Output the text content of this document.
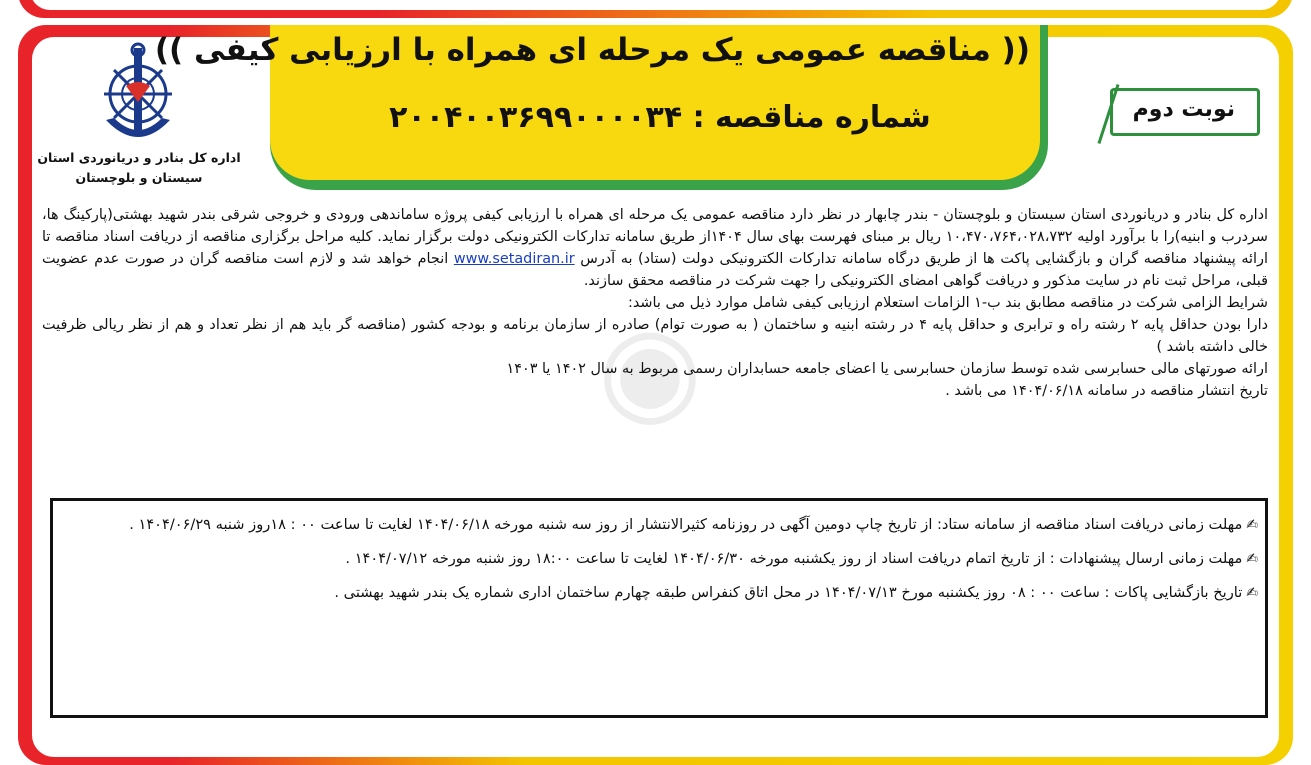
(( مناقصه عمومی یک مرحله ای همراه با ارزیابی کیفی ))
شماره مناقصه : ۲۰۰۴۰۰۳۶۹۹۰۰۰۰۳۴
اداره کل بنادر و دریانوردی استان
سیستان و بلوچستان
نوبت دوم

اداره کل بنادر و دریانوردی استان سیستان و بلوچستان - بندر چابهار در نظر دارد مناقصه عمومی یک مرحله ای همراه با ارزیابی کیفی پروژه ساماندهی ورودی و خروجی شرقی بندر شهید بهشتی(پارکینگ ها، سردرب و ابنیه)را با برآورد اولیه ۱۰،۴۷۰،۷۶۴،۰۲۸،۷۳۲ ریال بر مبنای فهرست بهای سال ۱۴۰۴از طریق سامانه تدارکات الکترونیکی دولت برگزار نماید. کلیه مراحل برگزاری مناقصه از دریافت اسناد مناقصه تا ارائه پیشنهاد مناقصه گران و بازگشایی پاکت ها از طریق درگاه سامانه تدارکات الکترونیکی دولت (ستاد) به آدرس www.setadiran.ir انجام خواهد شد و لازم است مناقصه گران در صورت عدم عضویت قبلی، مراحل ثبت نام در سایت مذکور و دریافت گواهی امضای الکترونیکی را جهت شرکت در مناقصه محقق سازند.

شرایط الزامی شرکت در مناقصه مطابق بند ب-۱ الزامات استعلام ارزیابی کیفی شامل موارد ذیل می باشد:

دارا بودن حداقل پایه ۲ رشته راه و ترابری و حداقل پایه ۴ در رشته ابنیه و ساختمان ( به صورت توام) صادره از سازمان برنامه و بودجه کشور (مناقصه گر باید هم از نظر تعداد و هم از نظر ریالی ظرفیت خالی داشته باشد )

ارائه صورتهای مالی حسابرسی شده توسط سازمان حسابرسی یا اعضای جامعه حسابداران رسمی مربوط به سال ۱۴۰۲ یا ۱۴۰۳

تاریخ انتشار مناقصه در سامانه ۱۴۰۴/۰۶/۱۸ می باشد .

✍مهلت زمانی دریافت اسناد مناقصه از سامانه ستاد: از تاریخ چاپ دومین آگهی در روزنامه کثیرالانتشار از روز سه شنبه مورخه ۱۴۰۴/۰۶/۱۸ لغایت تا ساعت ۰۰ : ۱۸روز شنبه ۱۴۰۴/۰۶/۲۹ .

✍مهلت زمانی ارسال پیشنهادات : از تاریخ اتمام دریافت اسناد از روز یکشنبه مورخه ۱۴۰۴/۰۶/۳۰ لغایت تا ساعت ۱۸:۰۰ روز شنبه مورخه ۱۴۰۴/۰۷/۱۲ .

✍تاریخ بازگشایی پاکات : ساعت ۰۰ : ۰۸ روز یکشنبه مورخ ۱۴۰۴/۰۷/۱۳ در محل اتاق کنفراس طبقه چهارم ساختمان اداری شماره یک بندر شهید بهشتی .
